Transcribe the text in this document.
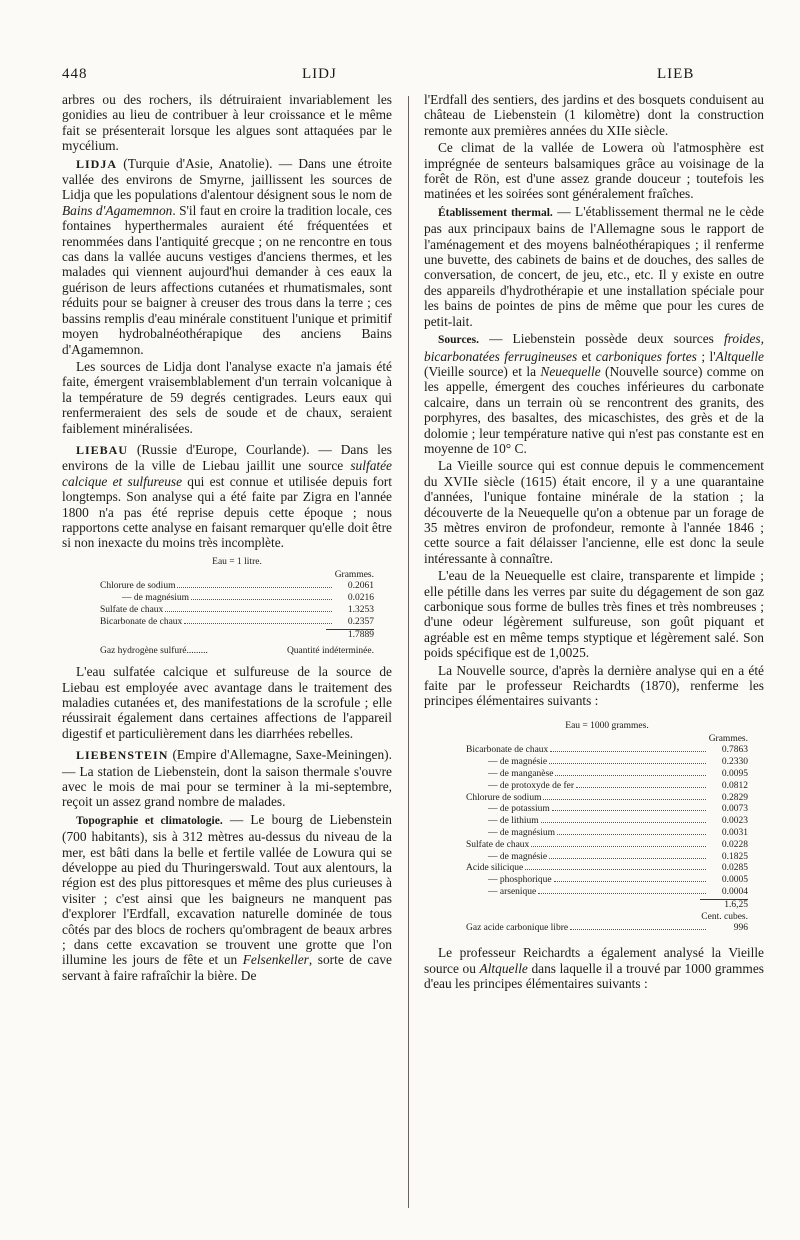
448	LIDJ	LIEB

arbres ou des rochers, ils détruiraient invariablement les gonidies au lieu de contribuer à leur croissance et le même fait se présenterait lorsque les algues sont attaquées par le mycélium.

LIDJA (Turquie d'Asie, Anatolie). — Dans une étroite vallée des environs de Smyrne, jaillissent les sources de Lidja que les populations d'alentour désignent sous le nom de Bains d'Agamemnon. S'il faut en croire la tradition locale, ces fontaines hyperthermales auraient été fréquentées et renommées dans l'antiquité grecque ; on ne rencontre en tous cas dans la vallée aucuns vestiges d'anciens thermes, et les malades qui viennent aujourd'hui demander à ces eaux la guérison de leurs affections cutanées et rhumatismales, sont réduits pour se baigner à creuser des trous dans la terre ; ces bassins remplis d'eau minérale constituent l'unique et primitif moyen hydrobalnéothérapique des anciens Bains d'Agamemnon.

Les sources de Lidja dont l'analyse exacte n'a jamais été faite, émergent vraisemblablement d'un terrain volcanique à la température de 59 degrés centigrades. Leurs eaux qui renfermeraient des sels de soude et de chaux, seraient faiblement minéralisées.

LIEBAU (Russie d'Europe, Courlande). — Dans les environs de la ville de Liebau jaillit une source sulfatée calcique et sulfureuse qui est connue et utilisée depuis fort longtemps. Son analyse qui a été faite par Zigra en l'année 1800 n'a pas été reprise depuis cette époque ; nous rapportons cette analyse en faisant remarquer qu'elle doit être si non inexacte du moins très incomplète.

Eau = 1 litre.
Grammes.
Chlorure de sodium	0.2061
— de magnésium	0.0216
Sulfate de chaux	1.3253
Bicarbonate de chaux	0.2357
1.7889
Gaz hydrogène sulfuré.........	Quantité indéterminée.

L'eau sulfatée calcique et sulfureuse de la source de Liebau est employée avec avantage dans le traitement des maladies cutanées et, des manifestations de la scrofule ; elle réussirait également dans certaines affections de l'appareil digestif et particulièrement dans les diarrhées rebelles.

LIEBENSTEIN (Empire d'Allemagne, Saxe-Meiningen). — La station de Liebenstein, dont la saison thermale s'ouvre avec le mois de mai pour se terminer à la mi-septembre, reçoit un assez grand nombre de malades.

Topographie et climatologie. — Le bourg de Liebenstein (700 habitants), sis à 312 mètres au-dessus du niveau de la mer, est bâti dans la belle et fertile vallée de Lowura qui se développe au pied du Thuringerswald. Tout aux alentours, la région est des plus pittoresques et même des plus curieuses à visiter ; c'est ainsi que les baigneurs ne manquent pas d'explorer l'Erdfall, excavation naturelle dominée de tous côtés par des blocs de rochers qu'ombragent de beaux arbres ; dans cette excavation se trouvent une grotte que l'on illumine les jours de fête et un Felsenkeller, sorte de cave servant à faire rafraîchir la bière. De

l'Erdfall des sentiers, des jardins et des bosquets conduisent au château de Liebenstein (1 kilomètre) dont la construction remonte aux premières années du XIIe siècle.

Ce climat de la vallée de Lowera où l'atmosphère est imprégnée de senteurs balsamiques grâce au voisinage de la forêt de Rön, est d'une assez grande douceur ; toutefois les matinées et les soirées sont généralement fraîches.

Établissement thermal. — L'établissement thermal ne le cède pas aux principaux bains de l'Allemagne sous le rapport de l'aménagement et des moyens balnéothérapiques ; il renferme une buvette, des cabinets de bains et de douches, des salles de conversation, de concert, de jeu, etc., etc. Il y existe en outre des appareils d'hydrothérapie et une installation spéciale pour les bains de pointes de pins de même que pour les cures de petit-lait.

Sources. — Liebenstein possède deux sources froides, bicarbonatées ferrugineuses et carboniques fortes ; l'Altquelle (Vieille source) et la Neuequelle (Nouvelle source) comme on les appelle, émergent des couches inférieures du carbonate calcaire, dans un terrain où se rencontrent des granits, des porphyres, des basaltes, des micaschistes, des grès et de la dolomie ; leur température native qui n'est pas constante est en moyenne de 10° C.

La Vieille source qui est connue depuis le commencement du XVIIe siècle (1615) était encore, il y a une quarantaine d'années, l'unique fontaine minérale de la station ; la découverte de la Neuequelle qu'on a obtenue par un forage de 35 mètres environ de profondeur, remonte à l'année 1846 ; cette source a fait délaisser l'ancienne, elle est donc la seule intéressante à connaître.

L'eau de la Neuequelle est claire, transparente et limpide ; elle pétille dans les verres par suite du dégagement de son gaz carbonique sous forme de bulles très fines et très nombreuses ; d'une odeur légèrement sulfureuse, son goût piquant et agréable est en même temps styptique et légèrement salé. Son poids spécifique est de 1,0025.

La Nouvelle source, d'après la dernière analyse qui en a été faite par le professeur Reichardts (1870), renferme les principes élémentaires suivants :

Eau = 1000 grammes.
Grammes.
Bicarbonate de chaux	0.7863
— de magnésie	0.2330
— de manganèse	0.0095
— de protoxyde de fer	0.0812
Chlorure de sodium	0.2829
— de potassium	0.0073
— de lithium	0.0023
— de magnésium	0.0031
Sulfate de chaux	0.0228
— de magnésie	0.1825
Acide silicique	0.0285
— phosphorique	0.0005
— arsenique	0.0004
1.6,25
Cent. cubes.
Gaz acide carbonique libre	996

Le professeur Reichardts a également analysé la Vieille source ou Altquelle dans laquelle il a trouvé par 1000 grammes d'eau les principes élémentaires suivants :
